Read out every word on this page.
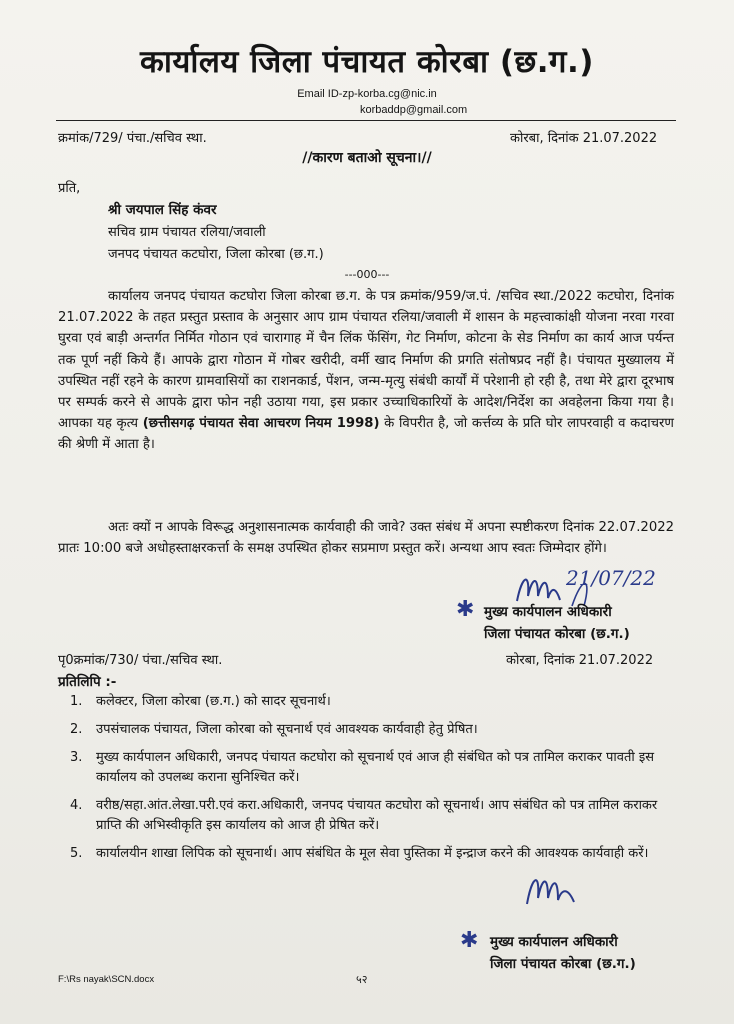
कार्यालय जिला पंचायत कोरबा (छ.ग.)
Email ID-zp-korba.cg@nic.in
korbaddp@gmail.com
क्रमांक/729/ पंचा./सचिव स्था.	कोरबा, दिनांक 21.07.2022
//कारण बताओ सूचना।//
प्रति,
श्री जयपाल सिंह कंवर
सचिव ग्राम पंचायत रलिया/जवाली
जनपद पंचायत कटघोरा, जिला कोरबा (छ.ग.)
---000---
कार्यालय जनपद पंचायत कटघोरा जिला कोरबा छ.ग. के पत्र क्रमांक/959/ज.पं. /सचिव स्था./2022 कटघोरा, दिनांक 21.07.2022 के तहत प्रस्तुत प्रस्ताव के अनुसार आप ग्राम पंचायत रलिया/जवाली में शासन के महत्त्वाकांक्षी योजना नरवा गरवा घुरवा एवं बाड़ी अन्तर्गत निर्मित गोठान एवं चारागाह में चैन लिंक फेंसिंग, गेट निर्माण, कोटना के सेड निर्माण का कार्य आज पर्यन्त तक पूर्ण नहीं किये हैं। आपके द्वारा गोठान में गोबर खरीदी, वर्मी खाद निर्माण की प्रगति संतोषप्रद नहीं है। पंचायत मुख्यालय में उपस्थित नहीं रहने के कारण ग्रामवासियों का राशनकार्ड, पेंशन, जन्म-मृत्यु संबंधी कार्यों में परेशानी हो रही है, तथा मेरे द्वारा दूरभाष पर सम्पर्क करने से आपके द्वारा फोन नही उठाया गया, इस प्रकार उच्चाधिकारियों के आदेश/निर्देश का अवहेलना किया गया है। आपका यह कृत्य (छत्तीसगढ़ पंचायत सेवा आचरण नियम 1998) के विपरीत है, जो कर्त्तव्य के प्रति घोर लापरवाही व कदाचरण की श्रेणी में आता है।
अतः क्यों न आपके विरूद्ध अनुशासनात्मक कार्यवाही की जावे? उक्त संबंध में अपना स्पष्टीकरण दिनांक 22.07.2022 प्रातः 10:00 बजे अधोहस्ताक्षरकर्त्ता के समक्ष उपस्थित होकर सप्रमाण प्रस्तुत करें। अन्यथा आप स्वतः जिम्मेदार होंगे।
21/07/22
✱ मुख्य कार्यपालन अधिकारी
जिला पंचायत कोरबा (छ.ग.)
पृ0क्रमांक/730/ पंचा./सचिव स्था.	कोरबा, दिनांक 21.07.2022
प्रतिलिपि :-
1. कलेक्टर, जिला कोरबा (छ.ग.) को सादर सूचनार्थ।
2. उपसंचालक पंचायत, जिला कोरबा को सूचनार्थ एवं आवश्यक कार्यवाही हेतु प्रेषित।
3. मुख्य कार्यपालन अधिकारी, जनपद पंचायत कटघोरा को सूचनार्थ एवं आज ही संबंधित को पत्र तामिल कराकर पावती इस कार्यालय को उपलब्ध कराना सुनिश्चित करें।
4. वरीष्ठ/सहा.आंत.लेखा.परी.एवं करा.अधिकारी, जनपद पंचायत कटघोरा को सूचनार्थ। आप संबंधित को पत्र तामिल कराकर प्राप्ति की अभिस्वीकृति इस कार्यालय को आज ही प्रेषित करें।
5. कार्यालयीन शाखा लिपिक को सूचनार्थ। आप संबंधित के मूल सेवा पुस्तिका में इन्द्राज करने की आवश्यक कार्यवाही करें।
✱ मुख्य कार्यपालन अधिकारी
जिला पंचायत कोरबा (छ.ग.)
F:\Rs nayak\SCN.docx	५२
